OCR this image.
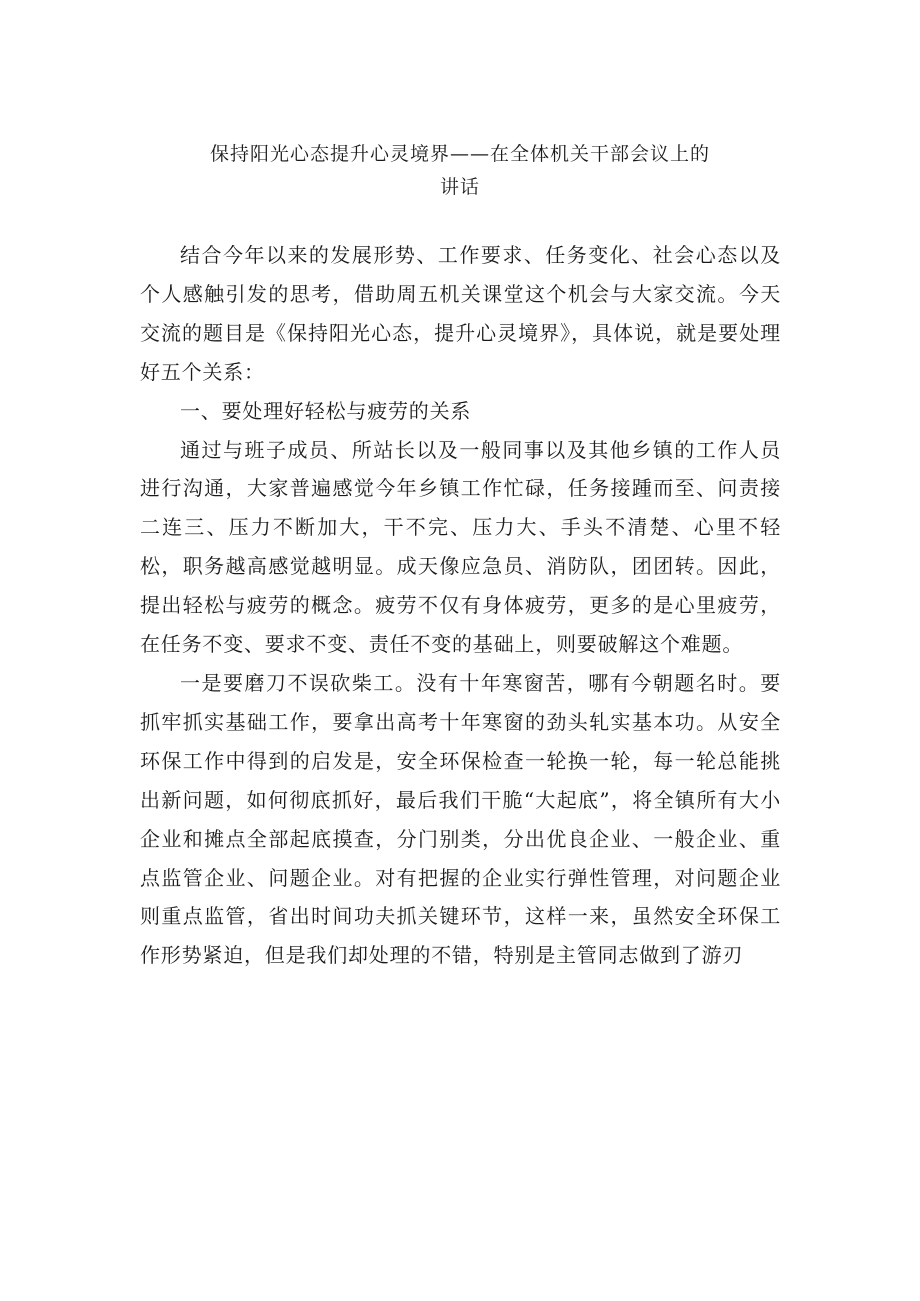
保持阳光心态提升心灵境界——在全体机关干部会议上的
讲话

结合今年以来的发展形势、工作要求、任务变化、社会心态以及个人感触引发的思考，借助周五机关课堂这个机会与大家交流。今天交流的题目是《保持阳光心态，提升心灵境界》，具体说，就是要处理好五个关系：

一、要处理好轻松与疲劳的关系

通过与班子成员、所站长以及一般同事以及其他乡镇的工作人员进行沟通，大家普遍感觉今年乡镇工作忙碌，任务接踵而至、问责接二连三、压力不断加大，干不完、压力大、手头不清楚、心里不轻松，职务越高感觉越明显。成天像应急员、消防队，团团转。因此，提出轻松与疲劳的概念。疲劳不仅有身体疲劳，更多的是心里疲劳，在任务不变、要求不变、责任不变的基础上，则要破解这个难题。

一是要磨刀不误砍柴工。没有十年寒窗苦，哪有今朝题名时。要抓牢抓实基础工作，要拿出高考十年寒窗的劲头轧实基本功。从安全环保工作中得到的启发是，安全环保检查一轮换一轮，每一轮总能挑出新问题，如何彻底抓好，最后我们干脆“大起底”，将全镇所有大小企业和摊点全部起底摸查，分门别类，分出优良企业、一般企业、重点监管企业、问题企业。对有把握的企业实行弹性管理，对问题企业则重点监管，省出时间功夫抓关键环节，这样一来，虽然安全环保工作形势紧迫，但是我们却处理的不错，特别是主管同志做到了游刃
